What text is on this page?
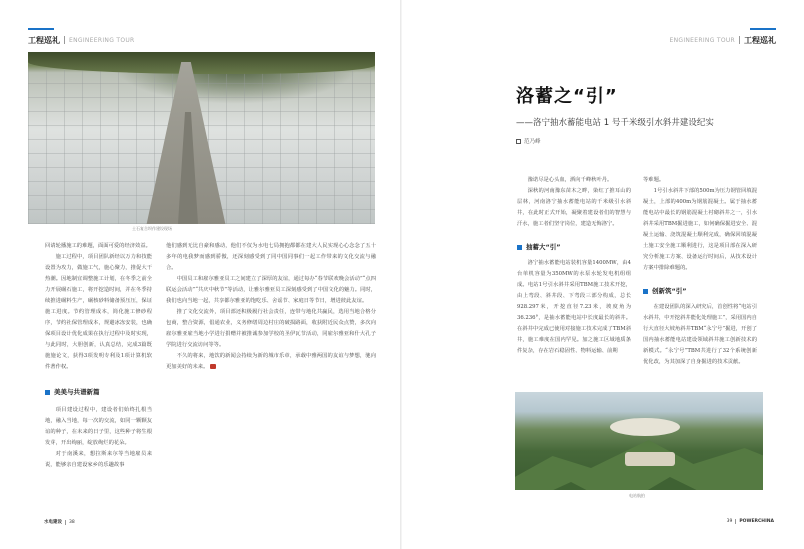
工程巡礼 ENGINEERING TOUR
土石复合坝作建设现场

回请轮播施工的难题，面面可爱的经济效益。

施工过程中，项目团队新经以万力和技能设置为攻力，做施工气，施心聚力，推促大干热潮。因地制宜调整施工计划，在冬季之前全力开展碾石施工，将开挖造时间，并在冬季持续推进碾料生产，碾核砂料储备预压压，保证施工进度。节约管理成本，简化施工修砂程序，节约社保管理成本，规避冰冻安装，也确保项目设计优化成果在执行过程中及时实现，与此同时，大胆创新，认真总结，完成3篇既施施论文，获得3项发明专利及1项计算机软件著作权。

美美与共谱新篇

项目建设过程中，建设者们始终扎根当地，融入当地，每一次的交流，如同一颗颗友谊的种子，在未来的日子里，这些种子将生根发芽，开出绚丽，绽放绚烂的花朵。

对于南溪来，想拉斯来尔等当地雇员来说，能够亲自建设家乡的乐趣故事

他们感到无比自豪和感动，他们不仅为水电七局拥抱都都在建大人民实现心心念念了五十多年的电我梦而感到骄傲，还深刻感受到了同中国同事们一起工作带来的文化交流与融合。

中国员工和雇尔雅亚员工之间建立了深厚的友谊，通过每办“春节联欢晚会活动”“点四联运会活动”“共庆中秋节”等活动，让雅尔雅亚员工深刻感受到了中国文化的魅力。同时，我们也向当地一起，共享都尔雅亚的饱吃乐、舍谣节、家庭日等节日，增进彼此友谊。

推了文化交流外，项目部还积极履行社会责任，连带与地化共赢民，选用当地合格分包商，整合资源，倡通农业，义务修缮周边村庄的破损路面，收获附近民众点赞，多次向雇尔雅亚雇当地小学进行捐赠并被推诚参加学校的圣伊瓦节活动，同雇尔雅亚和什大孔子学院进行交流访问等等。

不久的将来，地饮的新闻会持续为新的城市乐章，承载中雅两国的友谊与梦想，驰向更加美好的未来。

水电建设 38
ENGINEERING TOUR 工程巡礼
洛蓄之“引”
——洛宁抽水蓄能电站 1 号千米级引水斜井建设纪实
范乃峰

豫诺尽是心头血，洒向千峰秋叶丹。

深秋的河南豫东苗木之畔，染红了推耳山的层林，河南洛宁抽水蓄能电站的千米级引水斜井，在此时正式开始，凝聚着建设者们的智慧与汗水，施工者们坚守岗位，建造无悔洛宁。

抽蓄大“引”

洛宁抽水蓄能电站装机容量1400MW，由4台单机容量为350MW的水泵水轮发电机组组成。电站1号引水斜井采用TBM施工技术开挖，由上弯段、斜井段、下弯段三部分构成，总长928.297米，开挖直径7.23米，坡度角为36.236°，是抽水蓄能电站中长度最长的斜井。在斜井中完成已使用对接施工技术完成了TBM斜井，施工难度在国内罕见。加之施工区域地质条件复杂，存在岩石稳固性、物料运输、前期

等难题。

1号引水斜井下部的500m为压力钢管回填混凝土，上部的400m为钢筋混凝土。属于抽水蓄能电站中最长的钢筋混凝土衬砌斜井之一，引水斜井采用TBM掘进施工，如何确保掘进安全、混凝土运输、浇筑混凝土顺利完成，确保回填混凝土施工安全施工顺利进行，这是项目部在深入研究分析施工方案、设备运行时间后，从技术设计方案中排除难题的。

创新筑“引”

在建设团队的深入研究后，首创性将“电站引水斜井，中开挖斜井能化处理施工”，采用国内自行大直径大坡角斜井TBM“永宁号”掘进，开创了国内抽水蓄能电站建设领域斜井施工创新技术的新模式。“永宁号”TBM共进行了32个系统创新优化改，为其加深了自身掘进的技术贡献。

电站航拍
39 POWERCHINA
